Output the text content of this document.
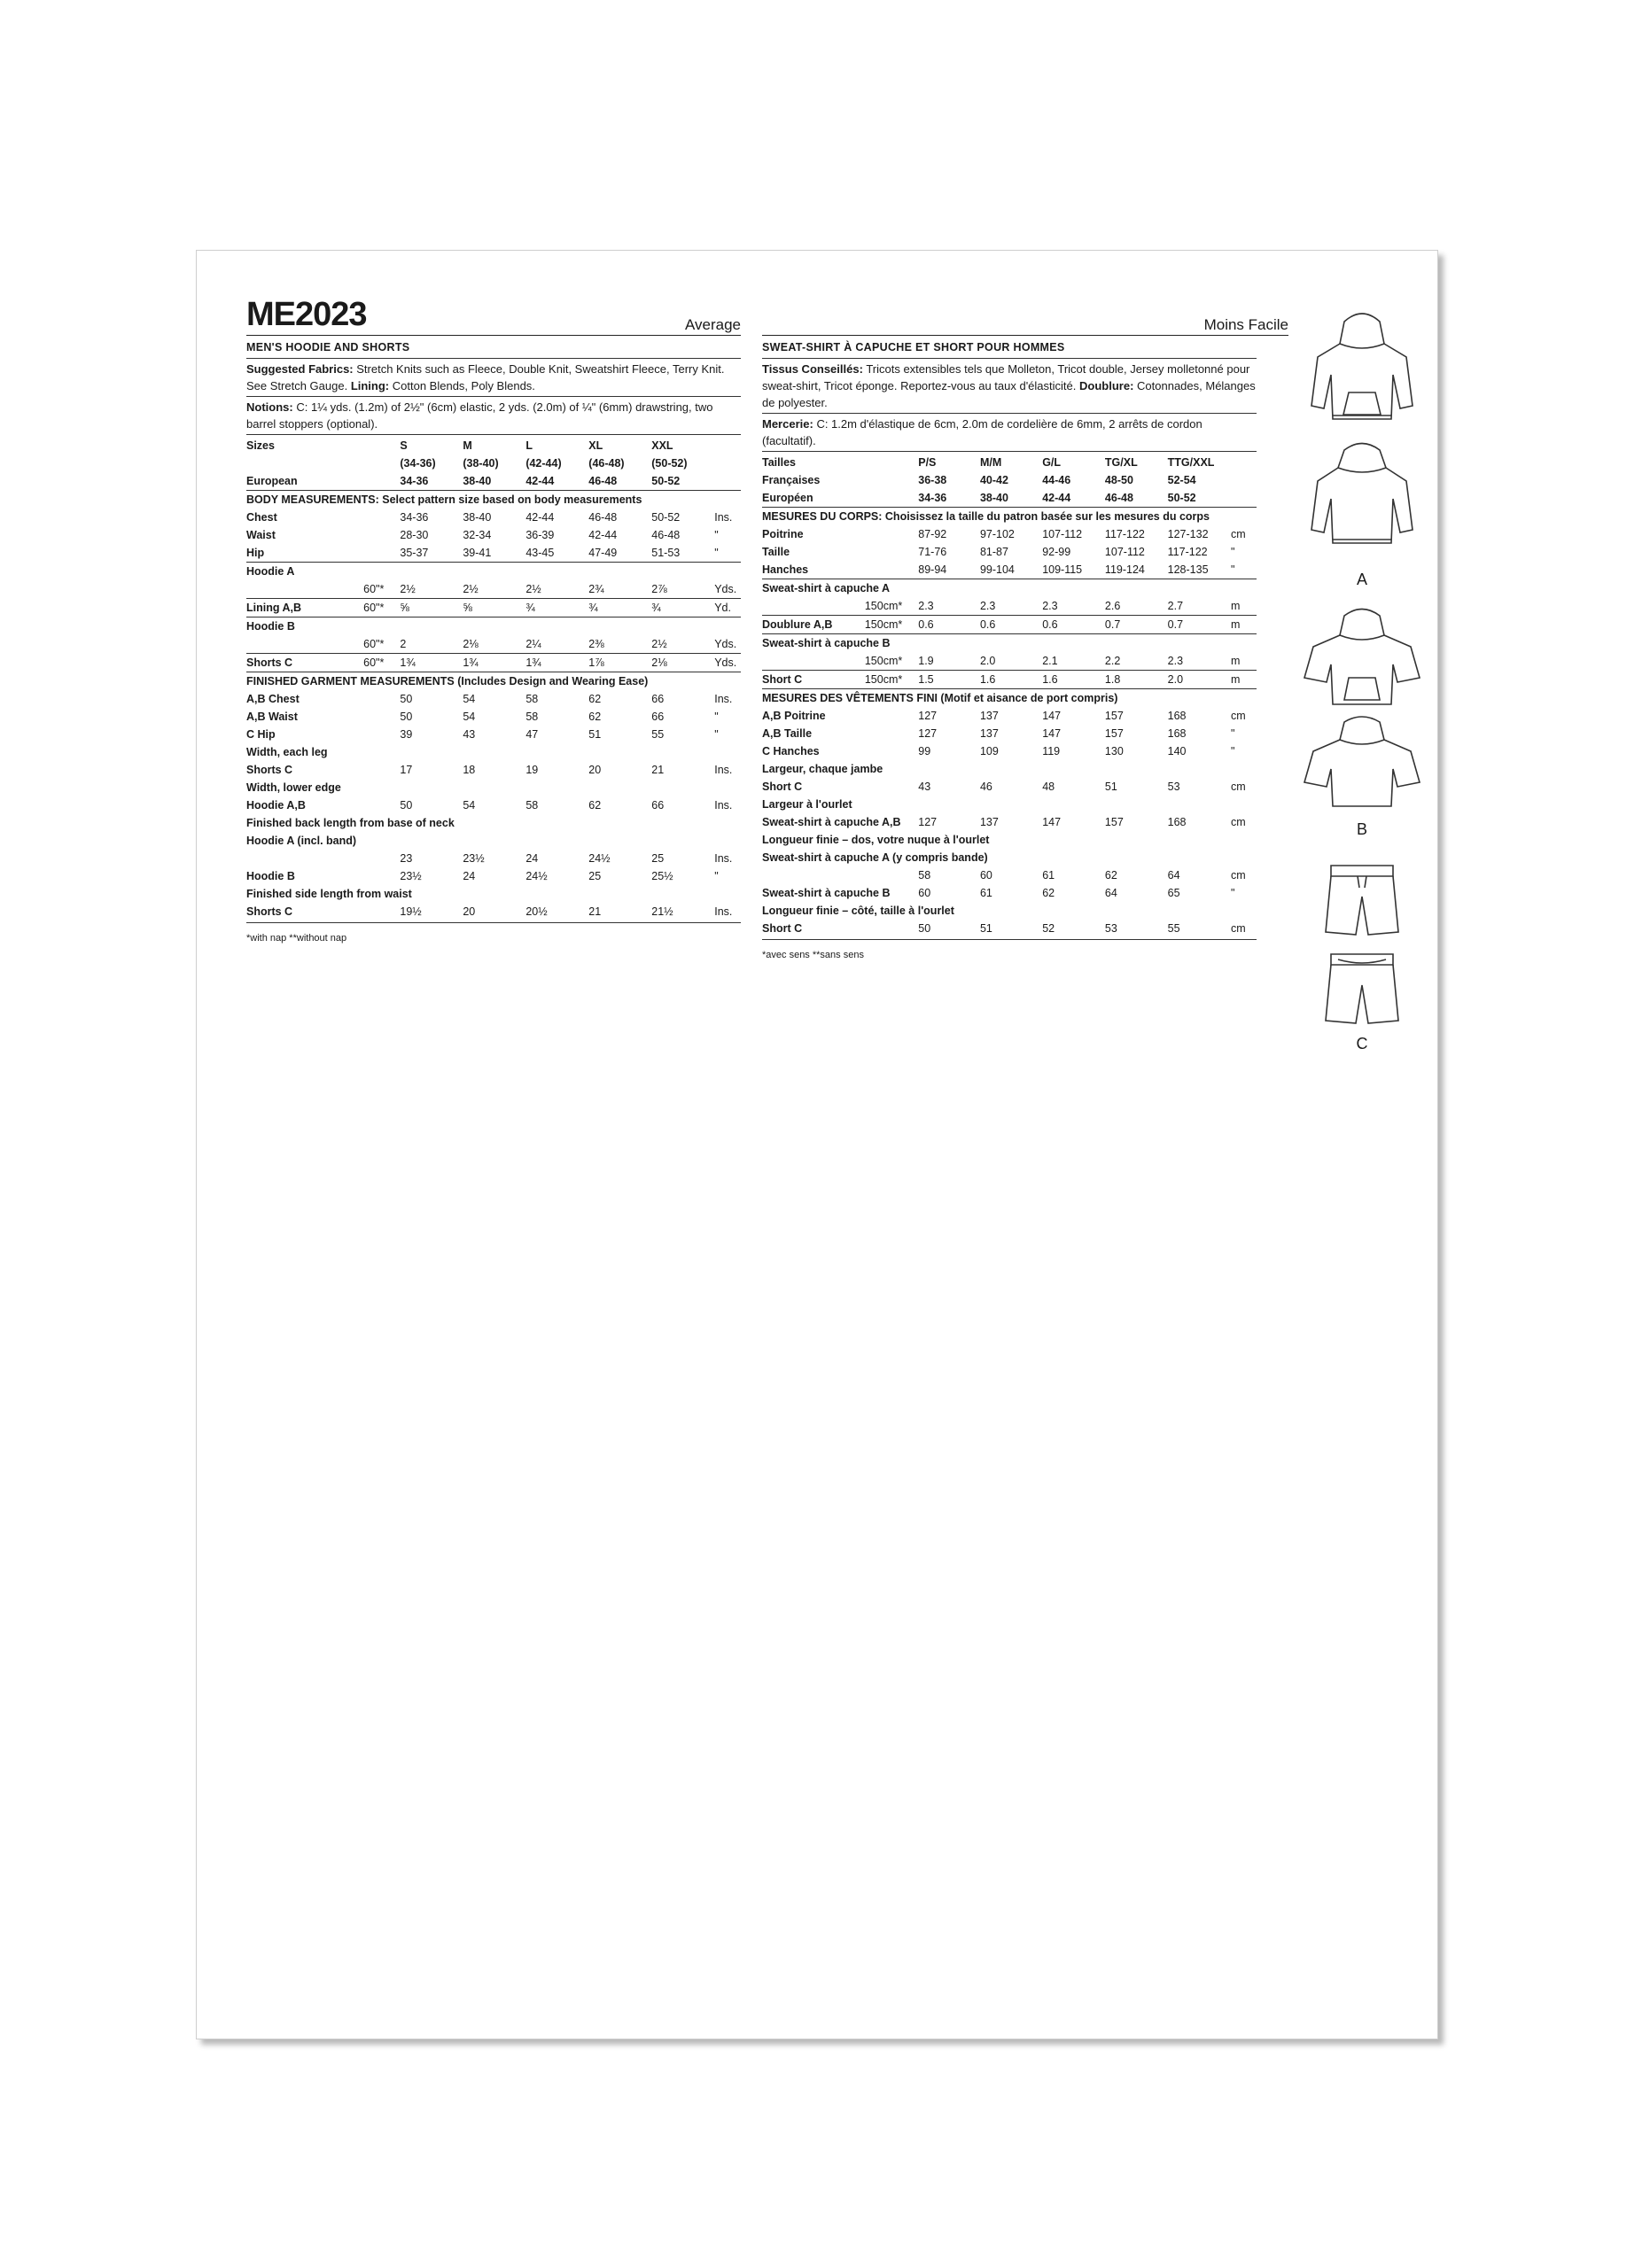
ME2023	Average
MEN'S HOODIE AND SHORTS
Suggested Fabrics: Stretch Knits such as Fleece, Double Knit, Sweatshirt Fleece, Terry Knit. See Stretch Gauge. Lining: Cotton Blends, Poly Blends.
Notions: C: 1¼ yds. (1.2m) of 2½" (6cm) elastic, 2 yds. (2.0m) of ¼" (6mm) drawstring, two barrel stoppers (optional).
Sizes		S	M	L	XL	XXL	
		(34-36)	(38-40)	(42-44)	(46-48)	(50-52)	
European		34-36	38-40	42-44	46-48	50-52	
BODY MEASUREMENTS: Select pattern size based on body measurements							
Chest		34-36	38-40	42-44	46-48	50-52	Ins.
Waist		28-30	32-34	36-39	42-44	46-48	"
Hip		35-37	39-41	43-45	47-49	51-53	"
Hoodie A							
	60"*	2½	2½	2½	2¾	2⅞	Yds.
Lining A,B	60"*	⅝	⅝	¾	¾	¾	Yd.
Hoodie B							
	60"*	2	2⅛	2¼	2⅜	2½	Yds.
Shorts C	60"*	1¾	1¾	1¾	1⅞	2⅛	Yds.
FINISHED GARMENT MEASUREMENTS (Includes Design and Wearing Ease)							
A,B Chest		50	54	58	62	66	Ins.
A,B Waist		50	54	58	62	66	"
C Hip		39	43	47	51	55	"
Width, each leg							
Shorts C		17	18	19	20	21	Ins.
Width, lower edge							
Hoodie A,B		50	54	58	62	66	Ins.
Finished back length from base of neck							
Hoodie A (incl. band)							
		23	23½	24	24½	25	Ins.
Hoodie B		23½	24	24½	25	25½	"
Finished side length from waist							
Shorts C		19½	20	20½	21	21½	Ins.
*with nap **without nap
Moins Facile
SWEAT-SHIRT À CAPUCHE ET SHORT POUR HOMMES
Tissus Conseillés: Tricots extensibles tels que Molleton, Tricot double, Jersey molletonné pour sweat-shirt, Tricot éponge. Reportez-vous au taux d'élasticité. Doublure: Cotonnades, Mélanges de polyester.
Mercerie: C: 1.2m d'élastique de 6cm, 2.0m de cordelière de 6mm, 2 arrêts de cordon (facultatif).
Tailles		P/S	M/M	G/L	TG/XL	TTG/XXL	
Françaises		36-38	40-42	44-46	48-50	52-54	
Européen		34-36	38-40	42-44	46-48	50-52	
MESURES DU CORPS: Choisissez la taille du patron basée sur les mesures du corps							
Poitrine		87-92	97-102	107-112	117-122	127-132	cm
Taille		71-76	81-87	92-99	107-112	117-122	"
Hanches		89-94	99-104	109-115	119-124	128-135	"
Sweat-shirt à capuche A							
	150cm*	2.3	2.3	2.3	2.6	2.7	m
Doublure A,B	150cm*	0.6	0.6	0.6	0.7	0.7	m
Sweat-shirt à capuche B							
	150cm*	1.9	2.0	2.1	2.2	2.3	m
Short C	150cm*	1.5	1.6	1.6	1.8	2.0	m
MESURES DES VÊTEMENTS FINI (Motif et aisance de port compris)							
A,B Poitrine		127	137	147	157	168	cm
A,B Taille		127	137	147	157	168	"
C Hanches		99	109	119	130	140	"
Largeur, chaque jambe							
Short C		43	46	48	51	53	cm
Largeur à l'ourlet							
Sweat-shirt à capuche A,B		127	137	147	157	168	cm
Longueur finie – dos, votre nuque à l'ourlet							
Sweat-shirt à capuche A (y compris bande)							
		58	60	61	62	64	cm
Sweat-shirt à capuche B		60	61	62	64	65	"
Longueur finie – côté, taille à l'ourlet							
Short C		50	51	52	53	55	cm
*avec sens **sans sens
A
B
C
